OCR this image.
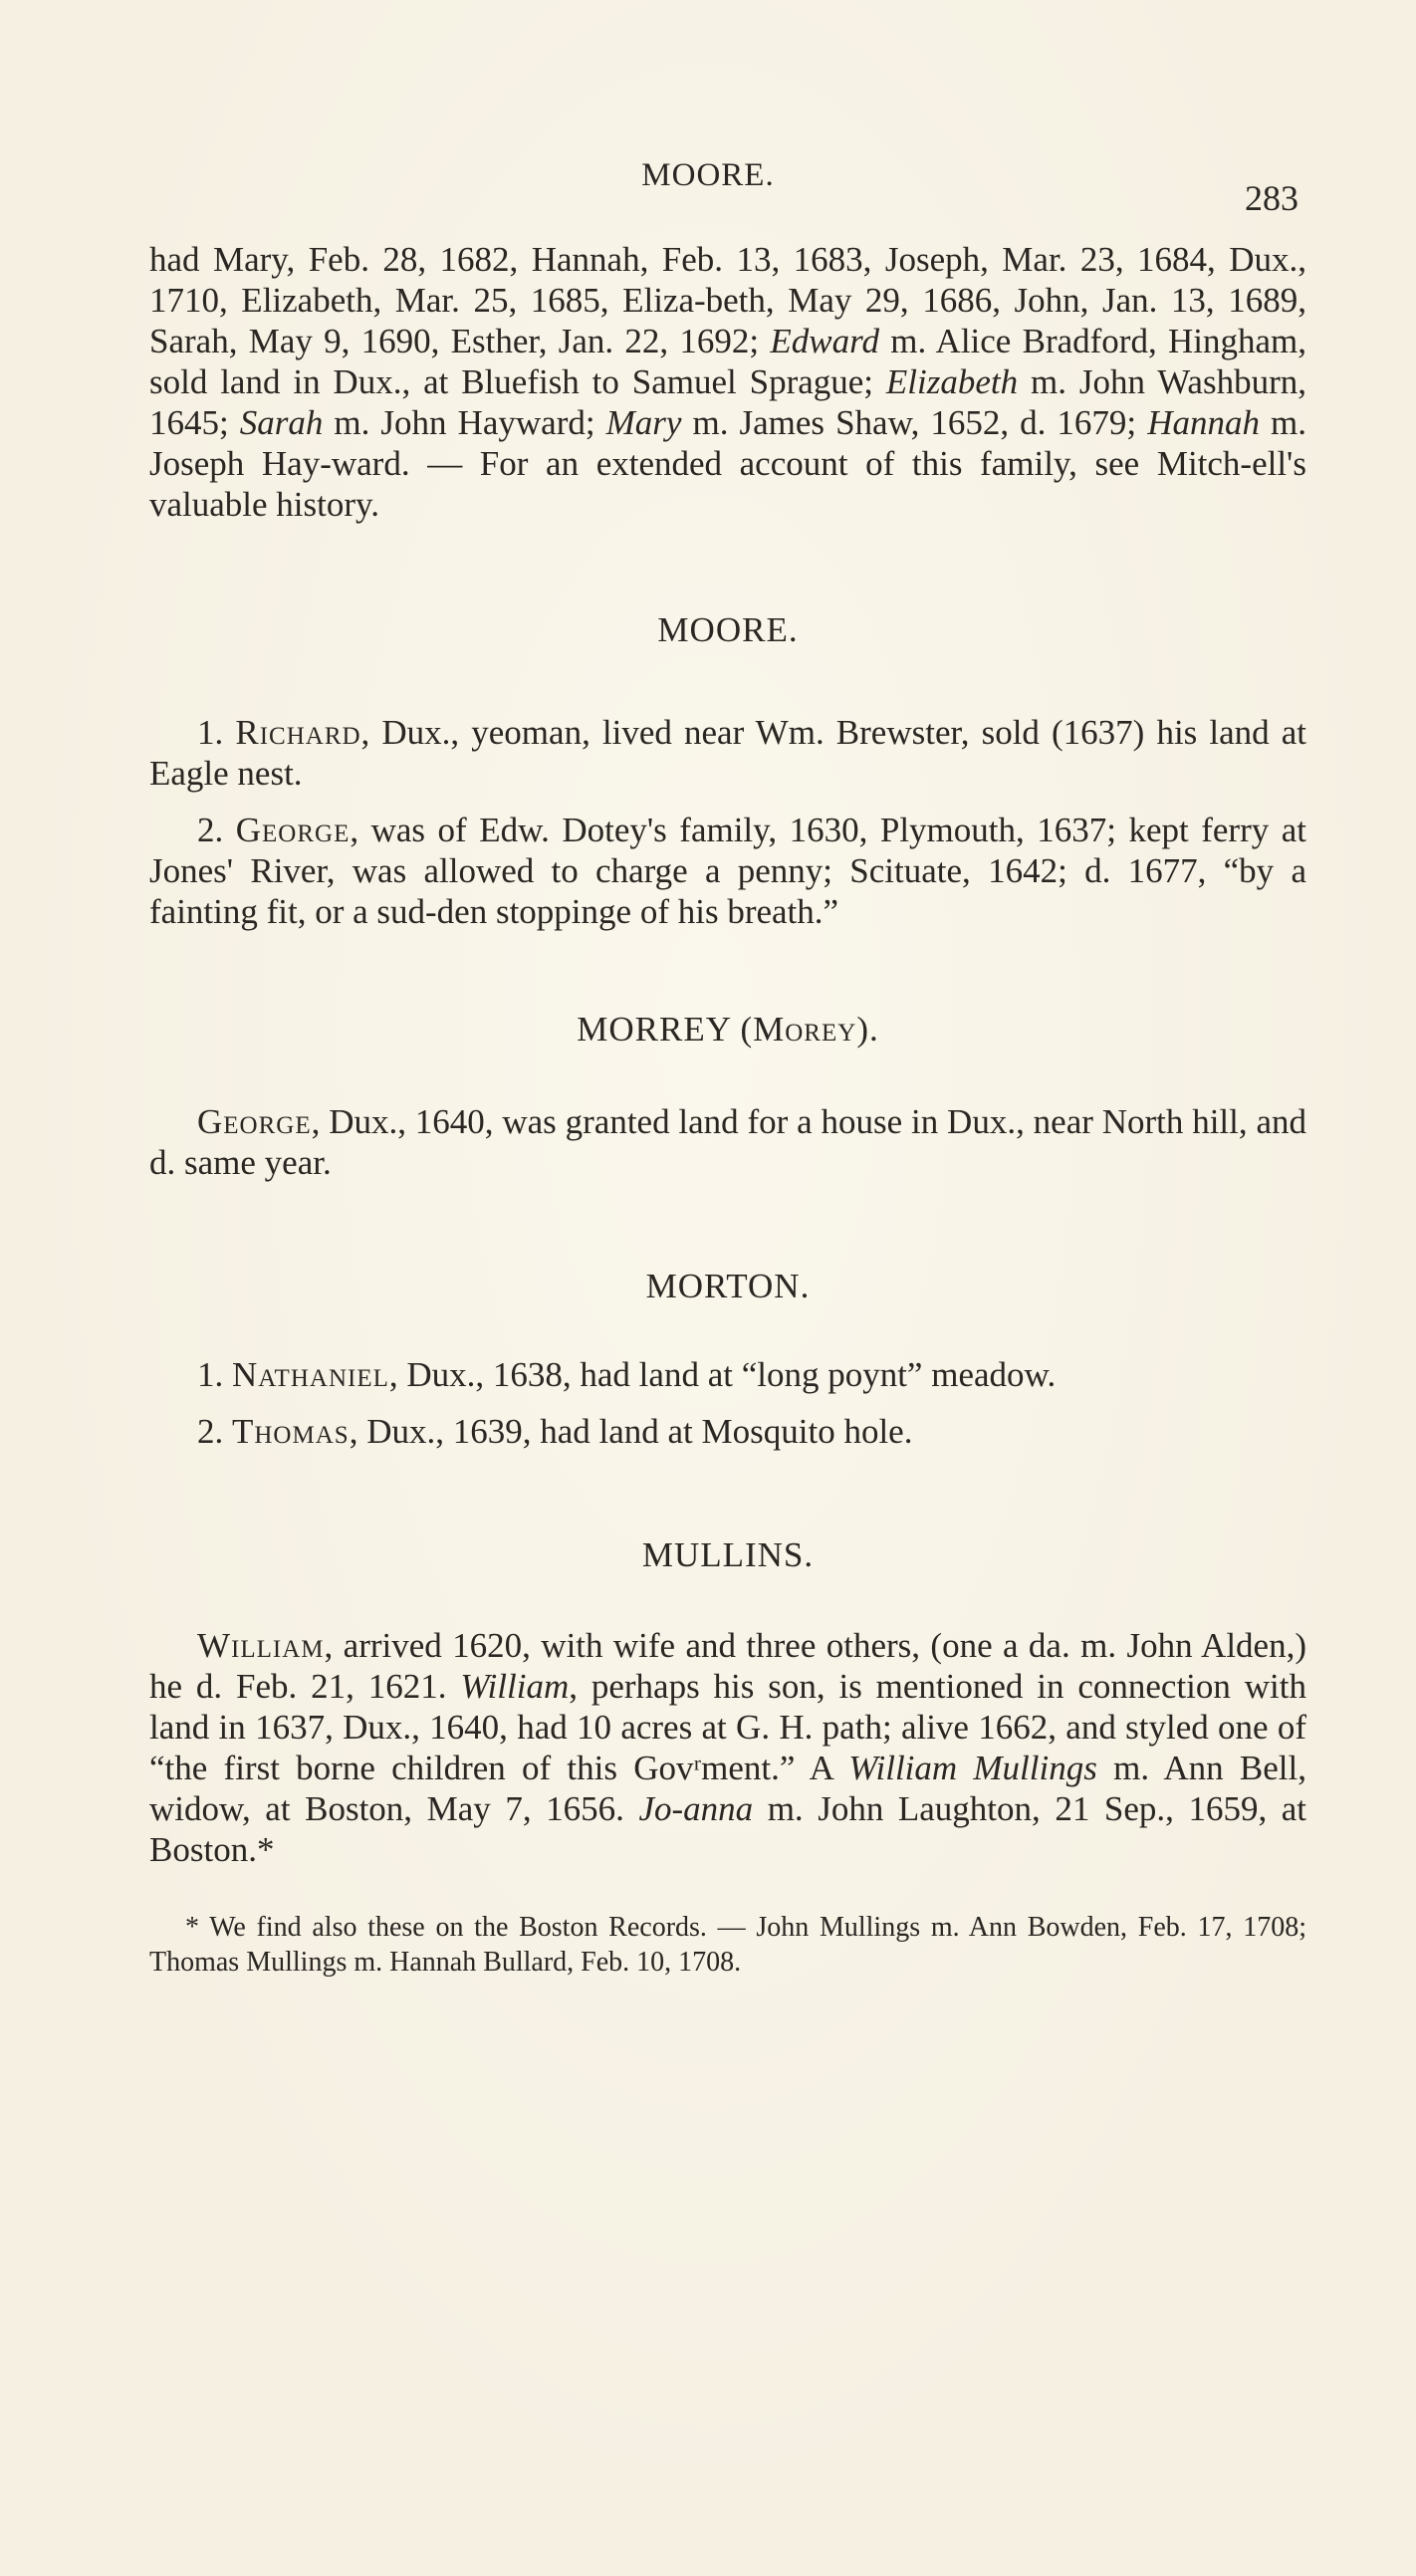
MOORE.
283

had Mary, Feb. 28, 1682, Hannah, Feb. 13, 1683, Joseph, Mar. 23, 1684, Dux., 1710, Elizabeth, Mar. 25, 1685, Eliza-beth, May 29, 1686, John, Jan. 13, 1689, Sarah, May 9, 1690, Esther, Jan. 22, 1692; Edward m. Alice Bradford, Hingham, sold land in Dux., at Bluefish to Samuel Sprague; Elizabeth m. John Washburn, 1645; Sarah m. John Hayward; Mary m. James Shaw, 1652, d. 1679; Hannah m. Joseph Hay-ward. — For an extended account of this family, see Mitch-ell's valuable history.

MOORE.

1. Richard, Dux., yeoman, lived near Wm. Brewster, sold (1637) his land at Eagle nest.

2. George, was of Edw. Dotey's family, 1630, Plymouth, 1637; kept ferry at Jones' River, was allowed to charge a penny; Scituate, 1642; d. 1677, “by a fainting fit, or a sud-den stoppinge of his breath.”

MORREY (Morey).

George, Dux., 1640, was granted land for a house in Dux., near North hill, and d. same year.

MORTON.

1. Nathaniel, Dux., 1638, had land at “long poynt” meadow.

2. Thomas, Dux., 1639, had land at Mosquito hole.

MULLINS.

William, arrived 1620, with wife and three others, (one a da. m. John Alden,) he d. Feb. 21, 1621. William, perhaps his son, is mentioned in connection with land in 1637, Dux., 1640, had 10 acres at G. H. path; alive 1662, and styled one of “the first borne children of this Govʳment.” A William Mullings m. Ann Bell, widow, at Boston, May 7, 1656. Jo-anna m. John Laughton, 21 Sep., 1659, at Boston.*

* We find also these on the Boston Records. — John Mullings m. Ann Bowden, Feb. 17, 1708; Thomas Mullings m. Hannah Bullard, Feb. 10, 1708.
